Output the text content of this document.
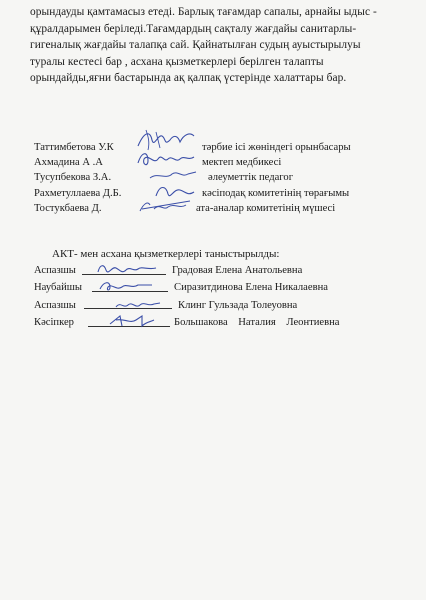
орындауды қамтамасыз етеді. Барлық тағамдар сапалы, арнайы ыдыс -
құралдарымен беріледі.Тағамдардың сақталу жағдайы санитарлы-
гигеналық жағдайы талапқа сай. Қайнатылған судың ауыстырылуы
туралы кестесі бар , асхана қызметкерлері берілген талапты
орындайды,яғни бастарында ақ қалпақ үстерінде халаттары бар.
Таттимбетова У.К	тәрбие ісі жөніндегі орынбасары
Ахмадина А .А	мектеп медбикесі
Тусупбекова З.А.	әлеуметтік педагог
Рахметуллаева Д.Б.	кәсіподақ комитетінің төрағымы
Тостукбаева Д.	ата-аналар комитетінің мүшесі
АКТ- мен асхана қызметкерлері таныстырылды:
Аспазшы	Градовая Елена Анатольевна
Наубайшы	Сиразитдинова Елена Никалаевна
Аспазшы	Клинг Гульзада Толеуовна
Кәсіпкер	Большакова    Наталия    Леонтиевна
